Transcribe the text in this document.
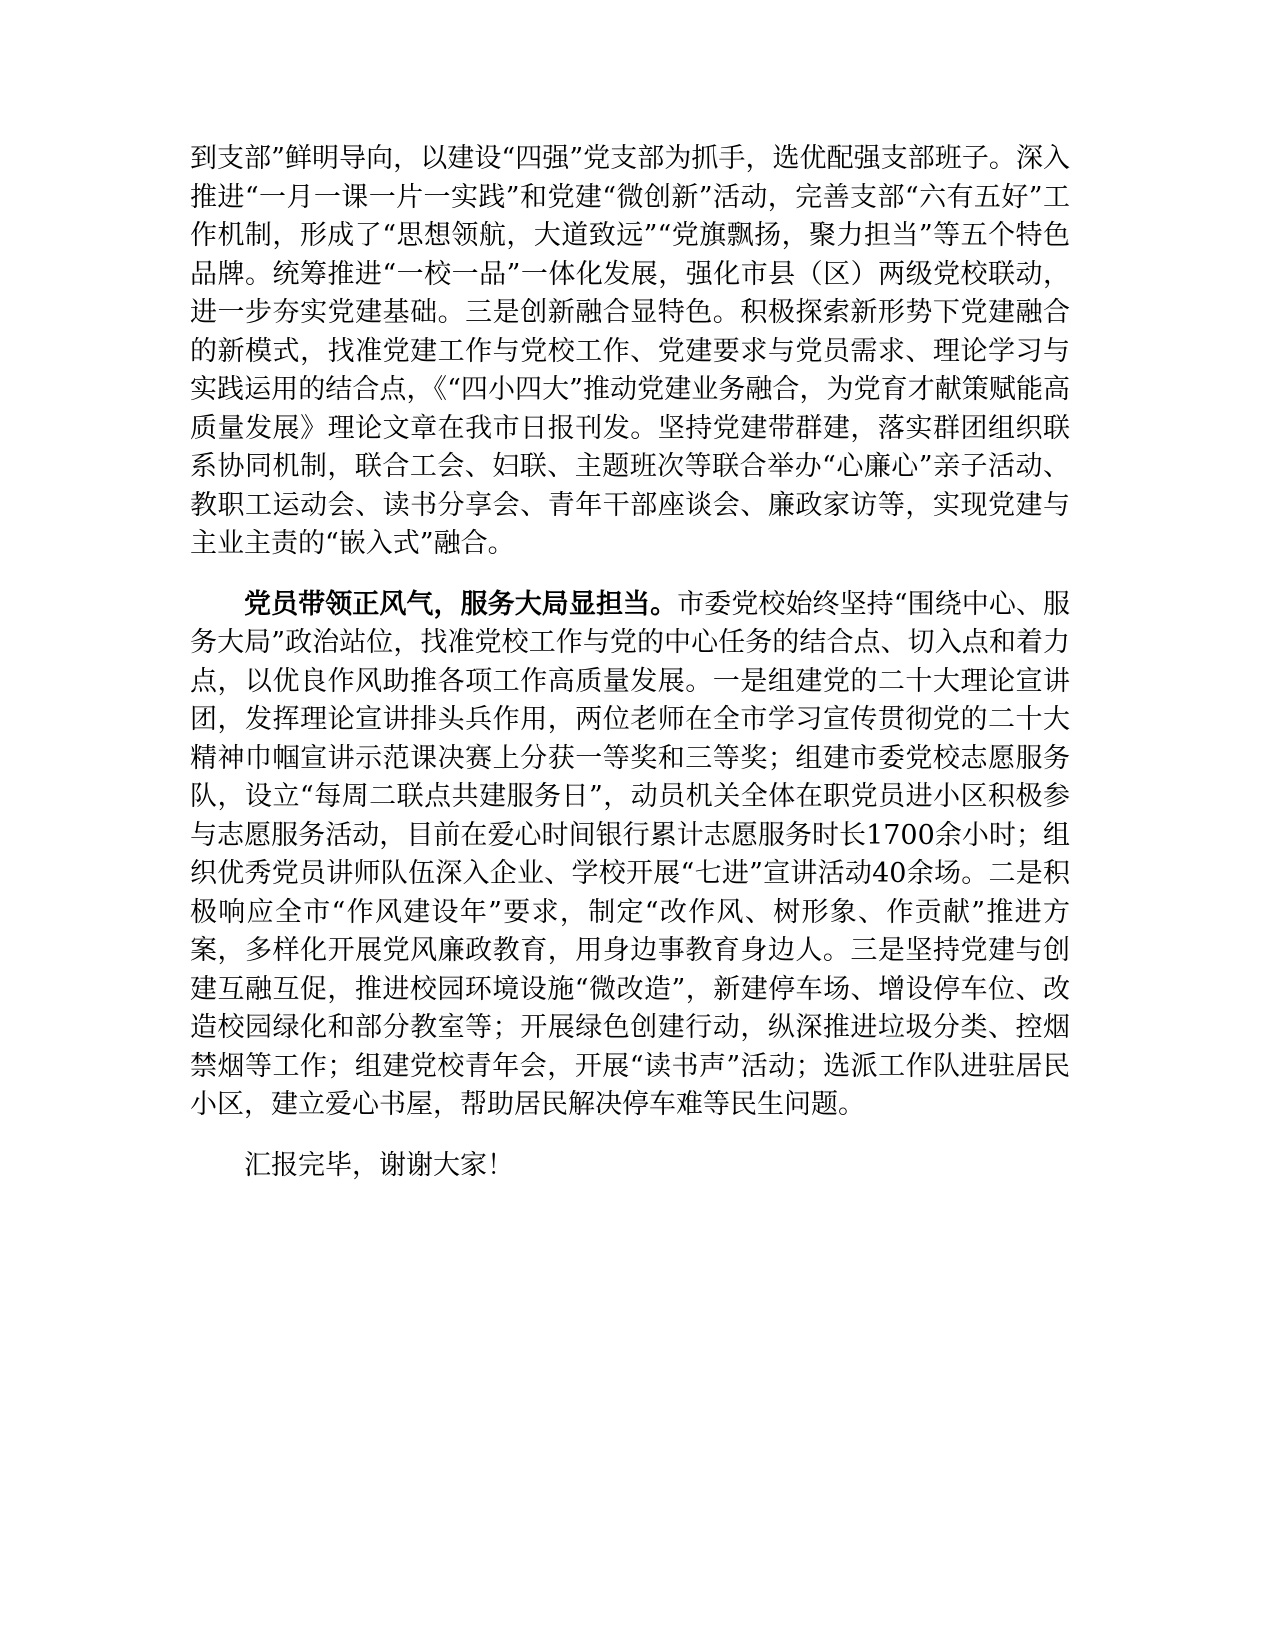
到支部”鲜明导向，以建设“四强”党支部为抓手，选优配强支部班子。深入推进“一月一课一片一实践”和党建“微创新”活动，完善支部“六有五好”工作机制，形成了“思想领航，大道致远”“党旗飘扬，聚力担当”等五个特色品牌。统筹推进“一校一品”一体化发展，强化市县（区）两级党校联动，进一步夯实党建基础。三是创新融合显特色。积极探索新形势下党建融合的新模式，找准党建工作与党校工作、党建要求与党员需求、理论学习与实践运用的结合点，《“四小四大”推动党建业务融合，为党育才献策赋能高质量发展》理论文章在我市日报刊发。坚持党建带群建，落实群团组织联系协同机制，联合工会、妇联、主题班次等联合举办“心廉心”亲子活动、教职工运动会、读书分享会、青年干部座谈会、廉政家访等，实现党建与主业主责的“嵌入式”融合。

党员带领正风气，服务大局显担当。市委党校始终坚持“围绕中心、服务大局”政治站位，找准党校工作与党的中心任务的结合点、切入点和着力点，以优良作风助推各项工作高质量发展。一是组建党的二十大理论宣讲团，发挥理论宣讲排头兵作用，两位老师在全市学习宣传贯彻党的二十大精神巾帼宣讲示范课决赛上分获一等奖和三等奖；组建市委党校志愿服务队，设立“每周二联点共建服务日”，动员机关全体在职党员进小区积极参与志愿服务活动，目前在爱心时间银行累计志愿服务时长1700余小时；组织优秀党员讲师队伍深入企业、学校开展“七进”宣讲活动40余场。二是积极响应全市“作风建设年”要求，制定“改作风、树形象、作贡献”推进方案，多样化开展党风廉政教育，用身边事教育身边人。三是坚持党建与创建互融互促，推进校园环境设施“微改造”，新建停车场、增设停车位、改造校园绿化和部分教室等；开展绿色创建行动，纵深推进垃圾分类、控烟禁烟等工作；组建党校青年会，开展“读书声”活动；选派工作队进驻居民小区，建立爱心书屋，帮助居民解决停车难等民生问题。

汇报完毕，谢谢大家！
